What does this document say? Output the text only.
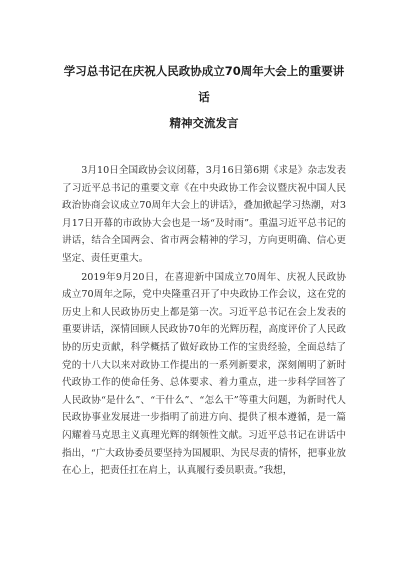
学习总书记在庆祝人民政协成立70周年大会上的重要讲话
精神交流发言

3月10日全国政协会议闭幕，3月16日第6期《求是》杂志发表了习近平总书记的重要文章《在中央政协工作会议暨庆祝中国人民政治协商会议成立70周年大会上的讲话》，叠加掀起学习热潮，对3月17日开幕的市政协大会也是一场“及时雨”。重温习近平总书记的讲话，结合全国两会、省市两会精神的学习，方向更明确、信心更坚定、责任更重大。

2019年9月20日，在喜迎新中国成立70周年、庆祝人民政协成立70周年之际，党中央隆重召开了中央政协工作会议，这在党的历史上和人民政协历史上都是第一次。习近平总书记在会上发表的重要讲话，深情回顾人民政协70年的光辉历程，高度评价了人民政协的历史贡献，科学概括了做好政协工作的宝贵经验，全面总结了党的十八大以来对政协工作提出的一系列新要求，深刻阐明了新时代政协工作的使命任务、总体要求、着力重点，进一步科学回答了人民政协“是什么”、“干什么”、“怎么干”等重大问题，为新时代人民政协事业发展进一步指明了前进方向、提供了根本遵循，是一篇闪耀着马克思主义真理光辉的纲领性文献。习近平总书记在讲话中指出，“广大政协委员要坚持为国履职、为民尽责的情怀，把事业放在心上，把责任扛在肩上，认真履行委员职责。”我想，
